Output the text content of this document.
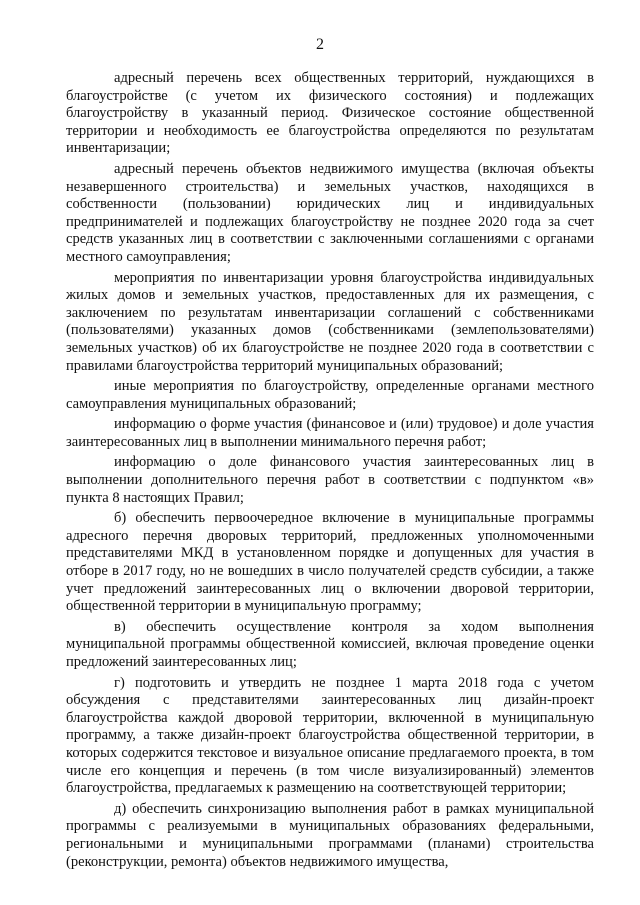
2

адресный перечень всех общественных территорий, нуждающихся в благоустройстве (с учетом их физического состояния) и подлежащих благоустройству в указанный период. Физическое состояние общественной территории и необходимость ее благоустройства определяются по результатам инвентаризации;

адресный перечень объектов недвижимого имущества (включая объекты незавершенного строительства) и земельных участков, находящихся в собственности (пользовании) юридических лиц и индивидуальных предпринимателей и подлежащих благоустройству не позднее 2020 года за счет средств указанных лиц в соответствии с заключенными соглашениями с органами местного самоуправления;

мероприятия по инвентаризации уровня благоустройства индивидуальных жилых домов и земельных участков, предоставленных для их размещения, с заключением по результатам инвентаризации соглашений с собственниками (пользователями) указанных домов (собственниками (землепользователями) земельных участков) об их благоустройстве не позднее 2020 года в соответствии с правилами благоустройства территорий муниципальных образований;

иные мероприятия по благоустройству, определенные органами местного самоуправления муниципальных образований;

информацию о форме участия (финансовое и (или) трудовое) и доле участия заинтересованных лиц в выполнении минимального перечня работ;

информацию о доле финансового участия заинтересованных лиц в выполнении дополнительного перечня работ в соответствии с подпунктом «в» пункта 8 настоящих Правил;

б) обеспечить первоочередное включение в муниципальные программы адресного перечня дворовых территорий, предложенных уполномоченными представителями МКД в установленном порядке и допущенных для участия в отборе в 2017 году, но не вошедших в число получателей средств субсидии, а также учет предложений заинтересованных лиц о включении дворовой территории, общественной территории в муниципальную программу;

в) обеспечить осуществление контроля за ходом выполнения муниципальной программы общественной комиссией, включая проведение оценки предложений заинтересованных лиц;

г) подготовить и утвердить не позднее 1 марта 2018 года с учетом обсуждения с представителями заинтересованных лиц дизайн-проект благоустройства каждой дворовой территории, включенной в муниципальную программу, а также дизайн-проект благоустройства общественной территории, в которых содержится текстовое и визуальное описание предлагаемого проекта, в том числе его концепция и перечень (в том числе визуализированный) элементов благоустройства, предлагаемых к размещению на соответствующей территории;

д) обеспечить синхронизацию выполнения работ в рамках муниципальной программы с реализуемыми в муниципальных образованиях федеральными, региональными и муниципальными программами (планами) строительства (реконструкции, ремонта) объектов недвижимого имущества,
